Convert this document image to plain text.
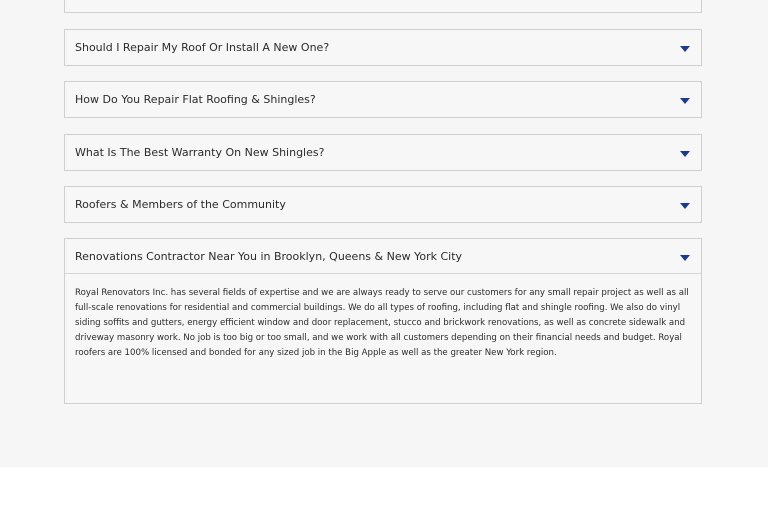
Should I Repair My Roof Or Install A New One?
How Do You Repair Flat Roofing & Shingles?
What Is The Best Warranty On New Shingles?
Roofers & Members of the Community
Renovations Contractor Near You in Brooklyn, Queens & New York City
Royal Renovators Inc. has several fields of expertise and we are always ready to serve our customers for any small repair project as well as all full-scale renovations for residential and commercial buildings. We do all types of roofing, including flat and shingle roofing. We also do vinyl siding soffits and gutters, energy efficient window and door replacement, stucco and brickwork renovations, as well as concrete sidewalk and driveway masonry work. No job is too big or too small, and we work with all customers depending on their financial needs and budget. Royal roofers are 100% licensed and bonded for any sized job in the Big Apple as well as the greater New York region.
